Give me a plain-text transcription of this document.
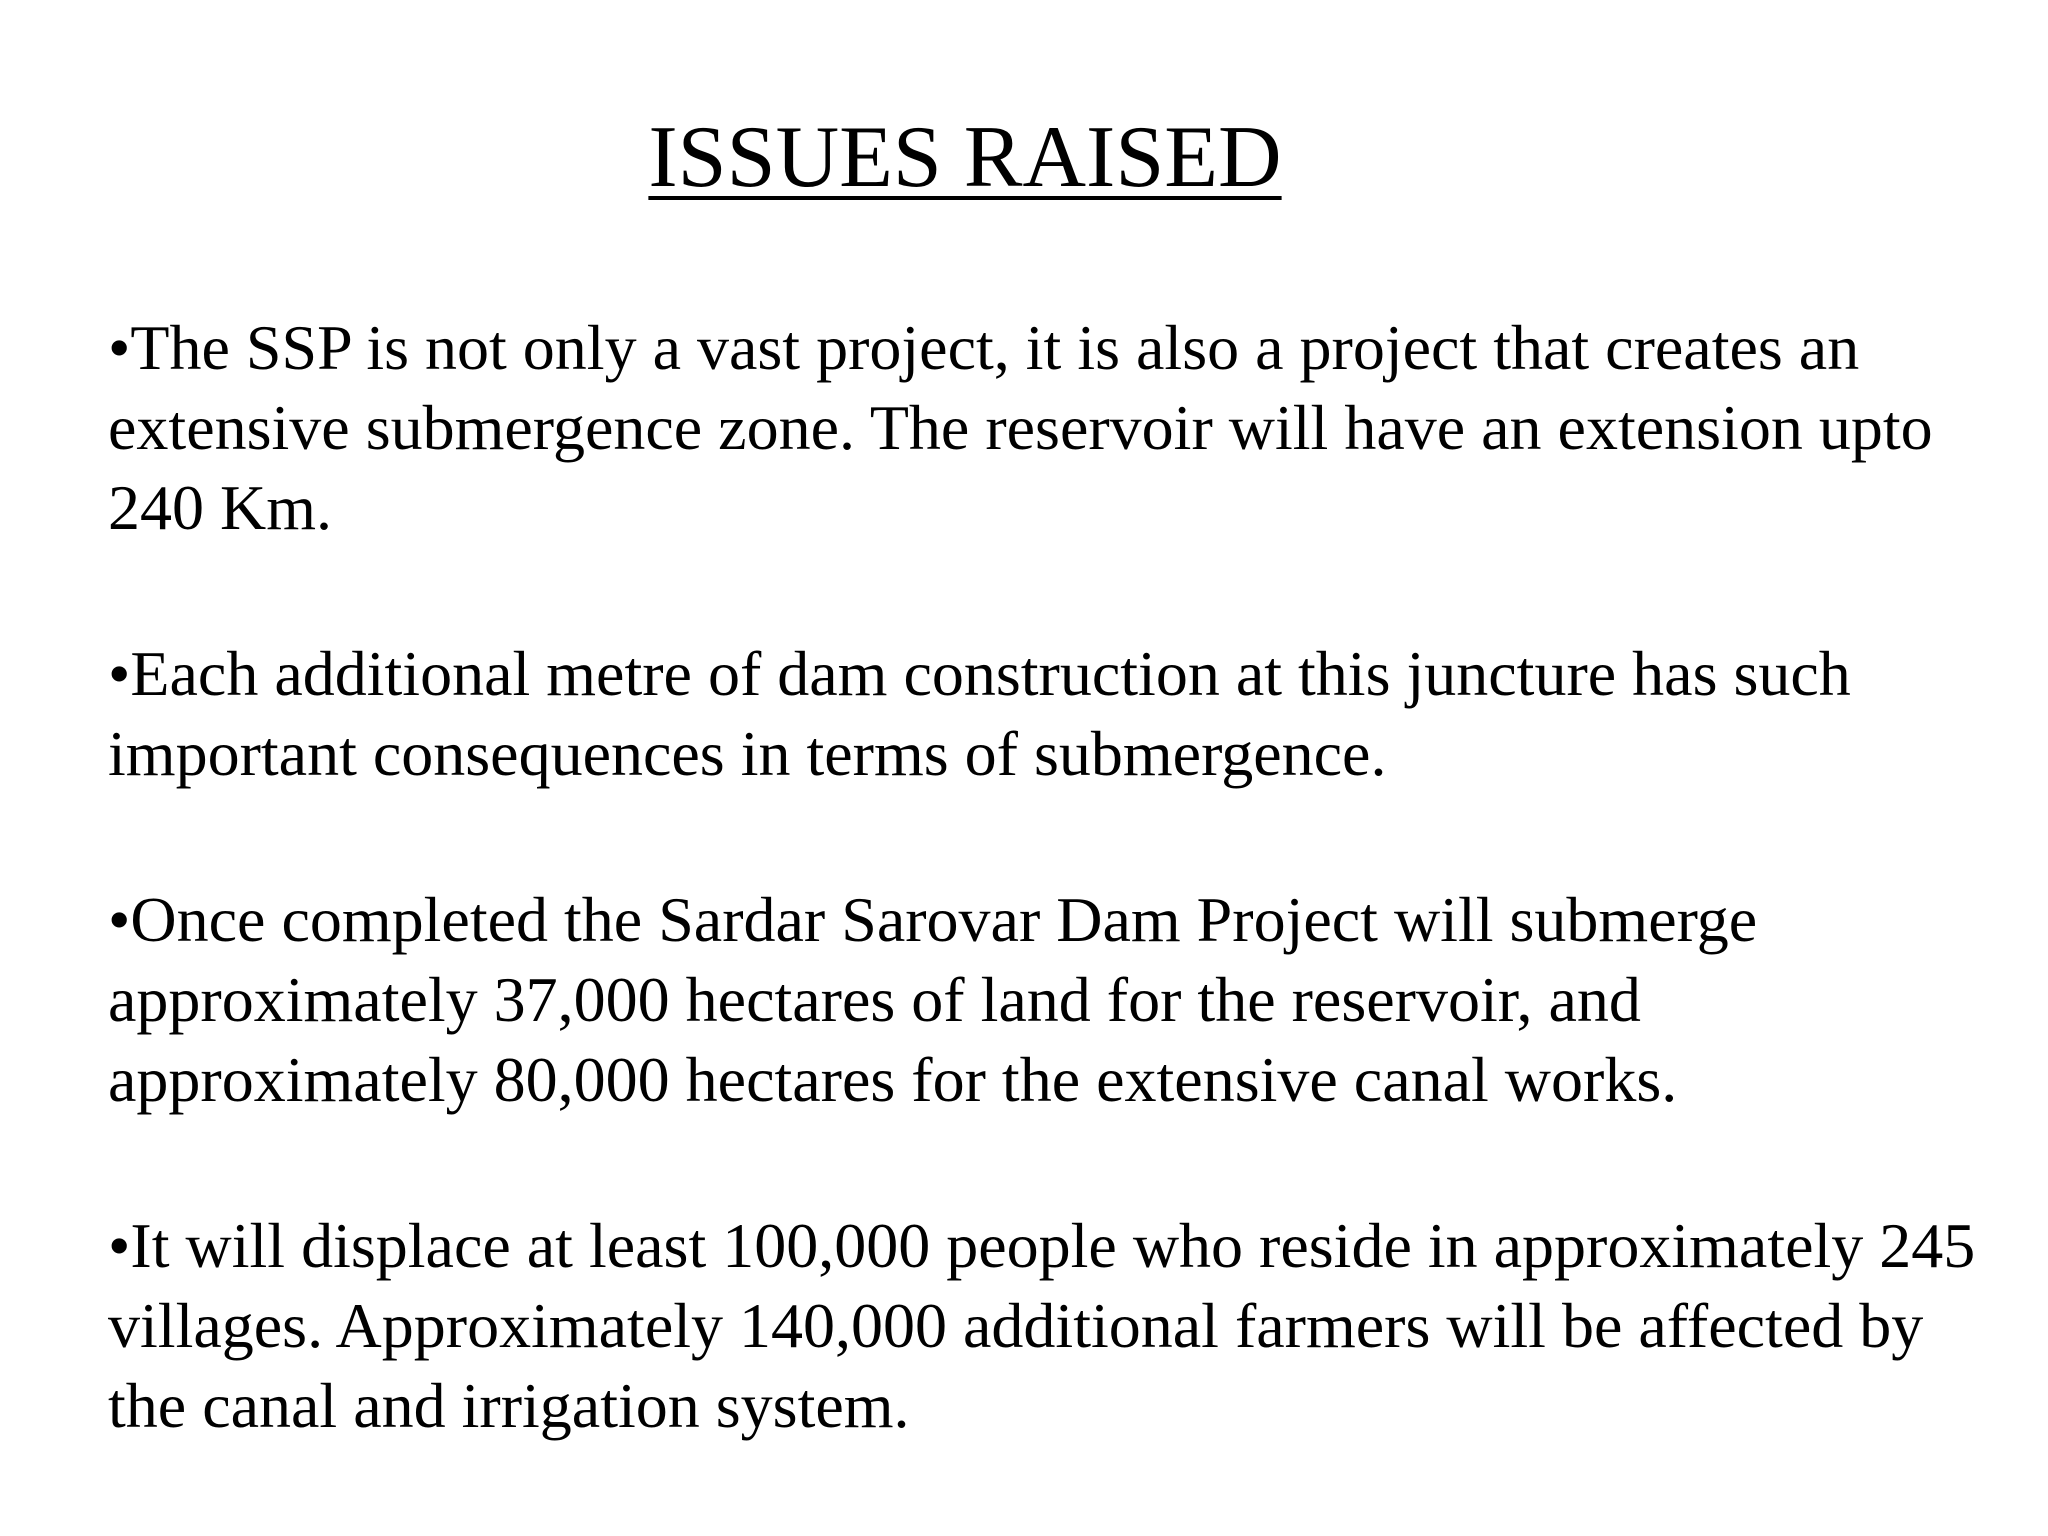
ISSUES RAISED
•The SSP is not only a vast project, it is also a project that creates an extensive submergence zone. The reservoir will have an extension upto 240 Km.
•Each additional metre of dam construction at this juncture has such important consequences in terms of submergence.
•Once completed the Sardar Sarovar Dam Project will submerge approximately 37,000 hectares of land for the reservoir, and approximately 80,000 hectares for the extensive canal works.
•It will displace at least 100,000 people who reside in approximately 245 villages. Approximately 140,000 additional farmers will be affected by the canal and irrigation system.
